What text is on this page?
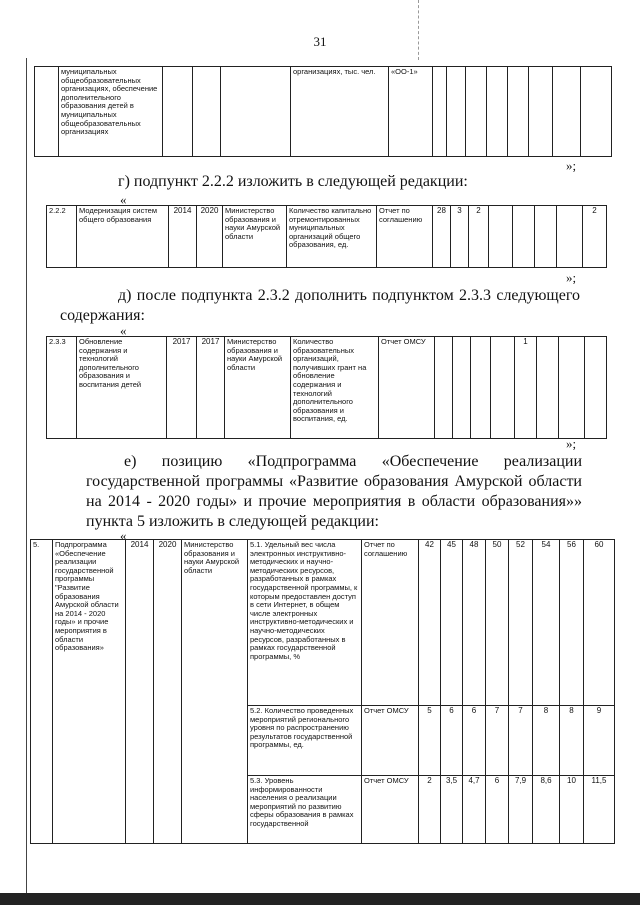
31
	муниципальных общеобразовательных организациях, обеспечение дополнительного образования детей в муниципальных общеобразовательных организациях				организациях, тыс. чел.	«ОО-1»								
»;
г) подпункт 2.2.2 изложить в следующей редакции:
«
2.2.2	Модернизация систем общего образования	2014	2020	Министерство образования и науки Амурской области	Количество капитально отремонтированных муниципальных организаций общего образования, ед.	Отчет по соглашению	28	3	2					2
»;
д) после подпункта 2.3.2 дополнить подпунктом 2.3.3 следующего содержания:
«
2.3.3	Обновление содержания и технологий дополнительного образования и воспитания детей	2017	2017	Министерство образования и науки Амурской области	Количество образовательных организаций, получивших грант на обновление содержания и технологий дополнительного образования и воспитания, ед.	Отчет ОМСУ					1			
»;
е) позицию «Подпрограмма «Обеспечение реализации государственной программы «Развитие образования Амурской области на 2014 - 2020 годы» и прочие мероприятия в области образования»» пункта 5 изложить в следующей редакции:
«
5.	Подпрограмма «Обеспечение реализации государственной программы "Развитие образования Амурской области на 2014 - 2020 годы» и прочие мероприятия в области образования»	2014	2020	Министерство образования и науки Амурской области	5.1. Удельный вес числа электронных инструктивно-методических и научно-методических ресурсов, разработанных в рамках государственной программы, к которым предоставлен доступ в сети Интернет, в общем числе электронных инструктивно-методических и научно-методических ресурсов, разработанных в рамках государственной программы, %	Отчет по соглашению	42	45	48	50	52	54	56	60
					5.2. Количество проведенных мероприятий регионального уровня по распространению результатов государственной программы, ед.	Отчет ОМСУ	5	6	6	7	7	8	8	9
					5.3. Уровень информированности населения о реализации мероприятий по развитию сферы образования в рамках государственной	Отчет ОМСУ	2	3,5	4,7	6	7,9	8,6	10	11,5
